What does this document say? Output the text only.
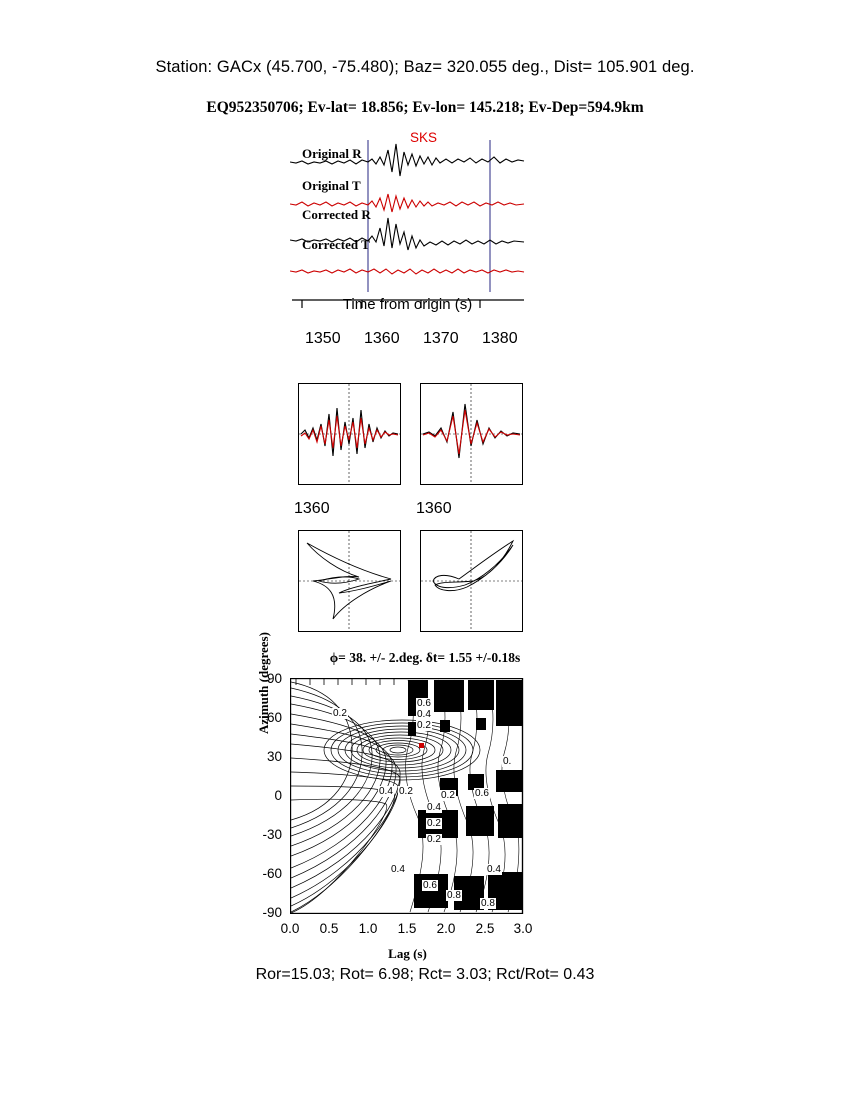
Station: GACx (45.700, -75.480); Baz= 320.055 deg., Dist= 105.901 deg.
EQ952350706; Ev-lat= 18.856; Ev-lon= 145.218; Ev-Dep=594.9km
SKS
Original R
Original T
Corrected R
Corrected T
Time from origin (s)
1350 1360 1370 1380
1360	1360
ϕ= 38. +/- 2.deg. δt= 1.55 +/-0.18s
Azimuth (degrees)
90
60
30
0
-30
-60
-90
0.2
0.6
0.4
0.2
0.2
0.4	0.2 0.6
0.
0.4
0.2
0.2
0.4	0.4
0.6
0.8
0.8
0.0	0.5	1.0	1.5	2.0	2.5	3.0
Lag (s)
Ror=15.03; Rot= 6.98; Rct= 3.03; Rct/Rot= 0.43
